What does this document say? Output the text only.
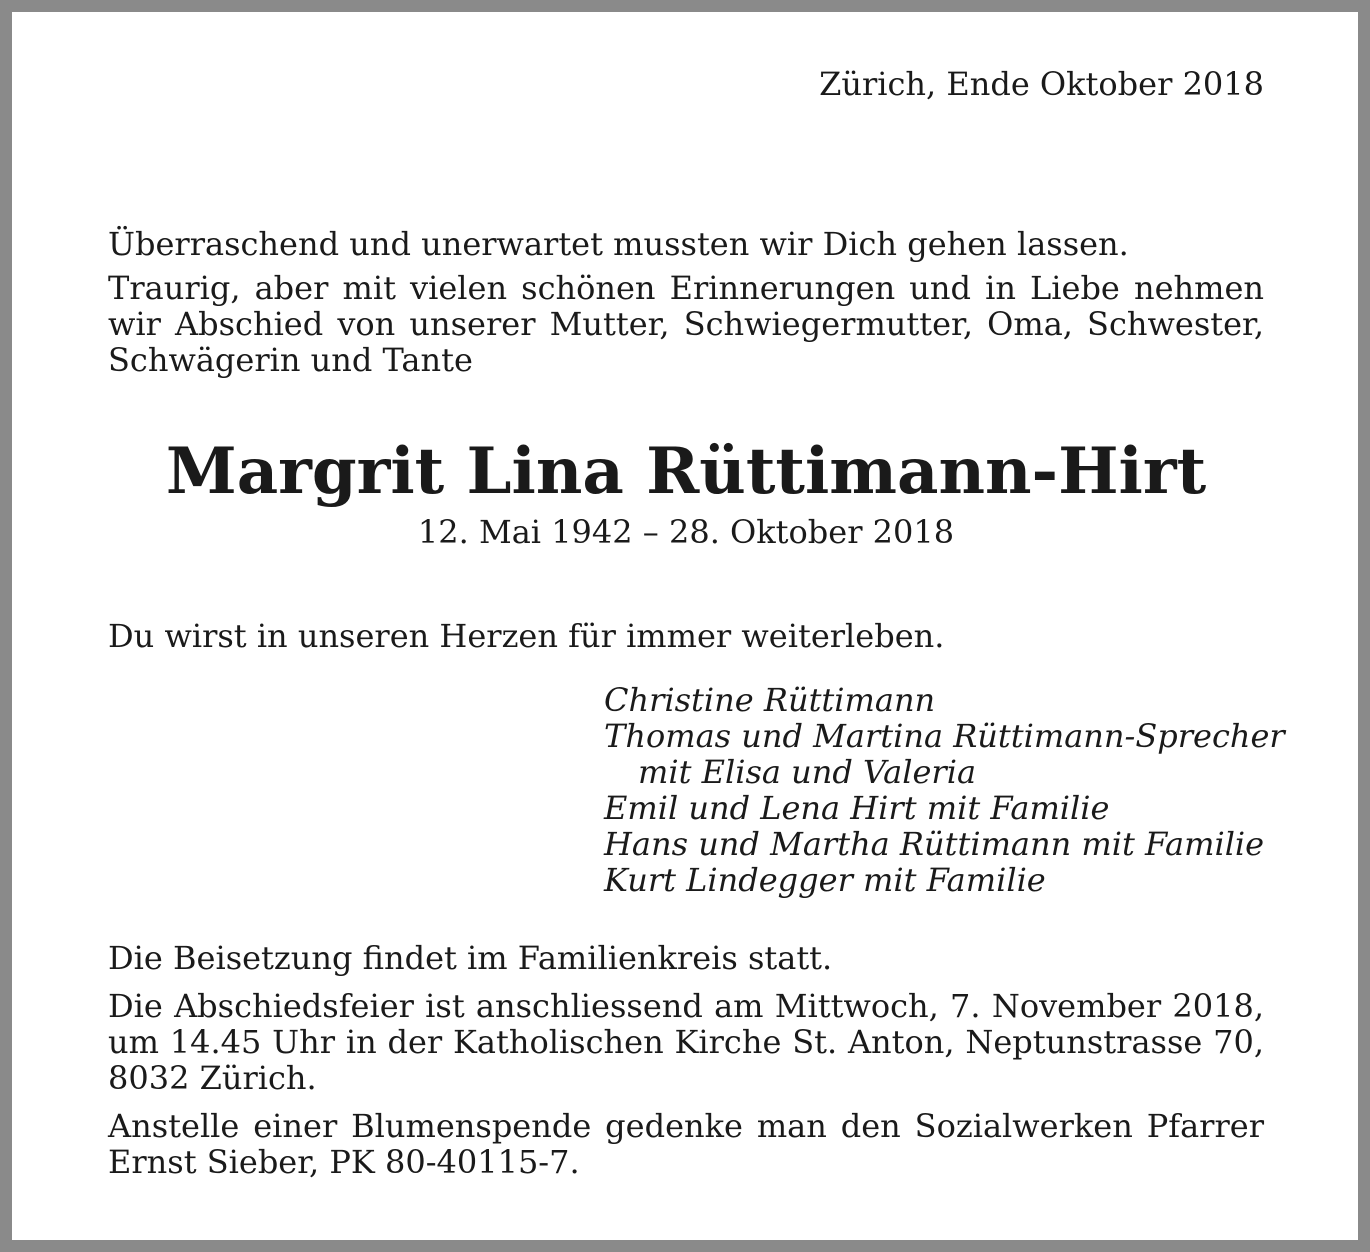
Zürich, Ende Oktober 2018

Überraschend und unerwartet mussten wir Dich gehen lassen.

Traurig, aber mit vielen schönen Erinnerungen und in Liebe nehmen wir Abschied von unserer Mutter, Schwiegermutter, Oma, Schwester, Schwägerin und Tante

Margrit Lina Rüttimann-Hirt
12. Mai 1942 – 28. Oktober 2018
Du wirst in unseren Herzen für immer weiterleben.
Christine Rüttimann
Thomas und Martina Rüttimann-Sprecher
mit Elisa und Valeria
Emil und Lena Hirt mit Familie
Hans und Martha Rüttimann mit Familie
Kurt Lindegger mit Familie

Die Beisetzung findet im Familienkreis statt.

Die Abschiedsfeier ist anschliessend am Mittwoch, 7. November 2018, um 14.45 Uhr in der Katholischen Kirche St. Anton, Neptunstrasse 70, 8032 Zürich.

Anstelle einer Blumenspende gedenke man den Sozialwerken Pfarrer Ernst Sieber, PK 80-40115-7.
